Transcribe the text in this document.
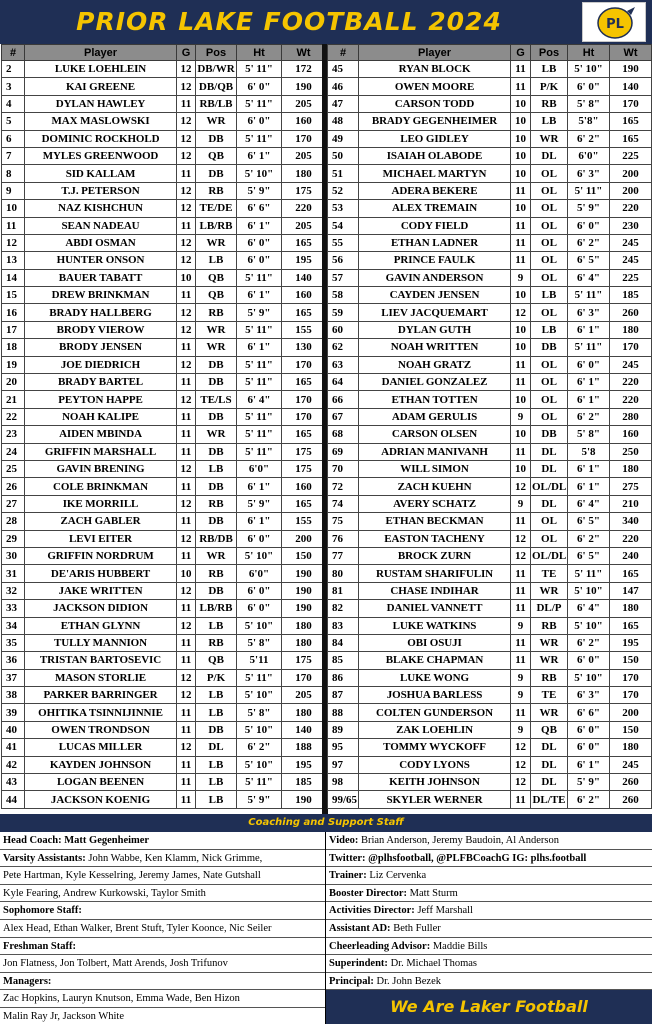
PRIOR LAKE FOOTBALL 2024	PL
#	Player	G	Pos	Ht	Wt
2	LUKE LOEHLEIN	12	DB/WR	5' 11"	172
3	KAI GREENE	12	DB/QB	6' 0"	190
4	DYLAN HAWLEY	11	RB/LB	5' 11"	205
5	MAX MASLOWSKI	12	WR	6' 0"	160
6	DOMINIC ROCKHOLD	12	DB	5' 11"	170
7	MYLES GREENWOOD	12	QB	6' 1"	205
8	SID KALLAM	11	DB	5' 10"	180
9	T.J. PETERSON	12	RB	5' 9"	175
10	NAZ KISHCHUN	12	TE/DE	6' 6"	220
11	SEAN NADEAU	11	LB/RB	6' 1"	205
12	ABDI OSMAN	12	WR	6' 0"	165
13	HUNTER ONSON	12	LB	6' 0"	195
14	BAUER TABATT	10	QB	5' 11"	140
15	DREW BRINKMAN	11	QB	6' 1"	160
16	BRADY HALLBERG	12	RB	5' 9"	165
17	BRODY VIEROW	12	WR	5' 11"	155
18	BRODY JENSEN	11	WR	6' 1"	130
19	JOE DIEDRICH	12	DB	5' 11"	170
20	BRADY BARTEL	11	DB	5' 11"	165
21	PEYTON HAPPE	12	TE/LS	6' 4"	170
22	NOAH KALIPE	11	DB	5' 11"	170
23	AIDEN MBINDA	11	WR	5' 11"	165
24	GRIFFIN MARSHALL	11	DB	5' 11"	175
25	GAVIN BRENING	12	LB	6'0"	175
26	COLE BRINKMAN	11	DB	6' 1"	160
27	IKE MORRILL	12	RB	5' 9"	165
28	ZACH GABLER	11	DB	6' 1"	155
29	LEVI EITER	12	RB/DB	6' 0"	200
30	GRIFFIN NORDRUM	11	WR	5' 10"	150
31	DE'ARIS HUBBERT	10	RB	6'0"	190
32	JAKE WRITTEN	12	DB	6' 0"	190
33	JACKSON DIDION	11	LB/RB	6' 0"	190
34	ETHAN GLYNN	12	LB	5' 10"	180
35	TULLY MANNION	11	RB	5' 8"	180
36	TRISTAN BARTOSEVIC	11	QB	5'11	175
37	MASON STORLIE	12	P/K	5' 11"	170
38	PARKER BARRINGER	12	LB	5' 10"	205
39	OHITIKA TSINNIJINNIE	11	LB	5' 8"	180
40	OWEN TRONDSON	11	DB	5' 10"	140
41	LUCAS MILLER	12	DL	6' 2"	188
42	KAYDEN JOHNSON	11	LB	5' 10"	195
43	LOGAN BEENEN	11	LB	5' 11"	185
44	JACKSON KOENIG	11	LB	5' 9"	190
#	Player	G	Pos	Ht	Wt
45	RYAN BLOCK	11	LB	5' 10"	190
46	OWEN MOORE	11	P/K	6' 0"	140
47	CARSON TODD	10	RB	5' 8"	170
48	BRADY GEGENHEIMER	10	LB	5'8"	165
49	LEO GIDLEY	10	WR	6' 2"	165
50	ISAIAH OLABODE	10	DL	6'0"	225
51	MICHAEL MARTYN	10	OL	6' 3"	200
52	ADERA BEKERE	11	OL	5' 11"	200
53	ALEX TREMAIN	10	OL	5' 9"	220
54	CODY FIELD	11	OL	6' 0"	230
55	ETHAN LADNER	11	OL	6' 2"	245
56	PRINCE FAULK	11	OL	6' 5"	245
57	GAVIN ANDERSON	9	OL	6' 4"	225
58	CAYDEN JENSEN	10	LB	5' 11"	185
59	LIEV JACQUEMART	12	OL	6' 3"	260
60	DYLAN GUTH	10	LB	6' 1"	180
62	NOAH WRITTEN	10	DB	5' 11"	170
63	NOAH GRATZ	11	OL	6' 0"	245
64	DANIEL GONZALEZ	11	OL	6' 1"	220
66	ETHAN TOTTEN	10	OL	6' 1"	220
67	ADAM GERULIS	9	OL	6' 2"	280
68	CARSON OLSEN	10	DB	5' 8"	160
69	ADRIAN MANIVANH	11	DL	5'8	250
70	WILL SIMON	10	DL	6' 1"	180
72	ZACH KUEHN	12	OL/DL	6' 1"	275
74	AVERY SCHATZ	9	DL	6' 4"	210
75	ETHAN BECKMAN	11	OL	6' 5"	340
76	EASTON TACHENY	12	OL	6' 2"	220
77	BROCK ZURN	12	OL/DL	6' 5"	240
80	RUSTAM SHARIFULIN	11	TE	5' 11"	165
81	CHASE INDIHAR	11	WR	5' 10"	147
82	DANIEL VANNETT	11	DL/P	6' 4"	180
83	LUKE WATKINS	9	RB	5' 10"	165
84	OBI OSUJI	11	WR	6' 2"	195
85	BLAKE CHAPMAN	11	WR	6' 0"	150
86	LUKE WONG	9	RB	5' 10"	170
87	JOSHUA BARLESS	9	TE	6' 3"	170
88	COLTEN GUNDERSON	11	WR	6' 6"	200
89	ZAK LOEHLIN	9	QB	6' 0"	150
95	TOMMY WYCKOFF	12	DL	6' 0"	180
97	CODY LYONS	12	DL	6' 1"	245
98	KEITH JOHNSON	12	DL	5' 9"	260
99/65	SKYLER WERNER	11	DL/TE	6' 2"	260
Coaching and Support Staff
Head Coach: Matt Gegenheimer
Varsity Assistants: John Wabbe, Ken Klamm, Nick Grimme,
Pete Hartman, Kyle Kesselring, Jeremy James, Nate Gutshall
Kyle Fearing, Andrew Kurkowski, Taylor Smith
Sophomore Staff:
Alex Head, Ethan Walker, Brent Stuft, Tyler Koonce, Nic Seiler
Freshman Staff:
Jon Flatness, Jon Tolbert, Matt Arends, Josh Trifunov
Managers:
Zac Hopkins, Lauryn Knutson, Emma Wade, Ben Hizon
Malin Ray Jr, Jackson White
Video: Brian Anderson, Jeremy Baudoin, Al Anderson
Twitter: @plhsfootball, @PLFBCoachG IG: plhs.football
Trainer: Liz Cervenka
Booster Director: Matt Sturm
Activities Director: Jeff Marshall
Assistant AD: Beth Fuller
Cheerleading Advisor: Maddie Bills
Superindent: Dr. Michael Thomas
Principal: Dr. John Bezek
We Are Laker Football
